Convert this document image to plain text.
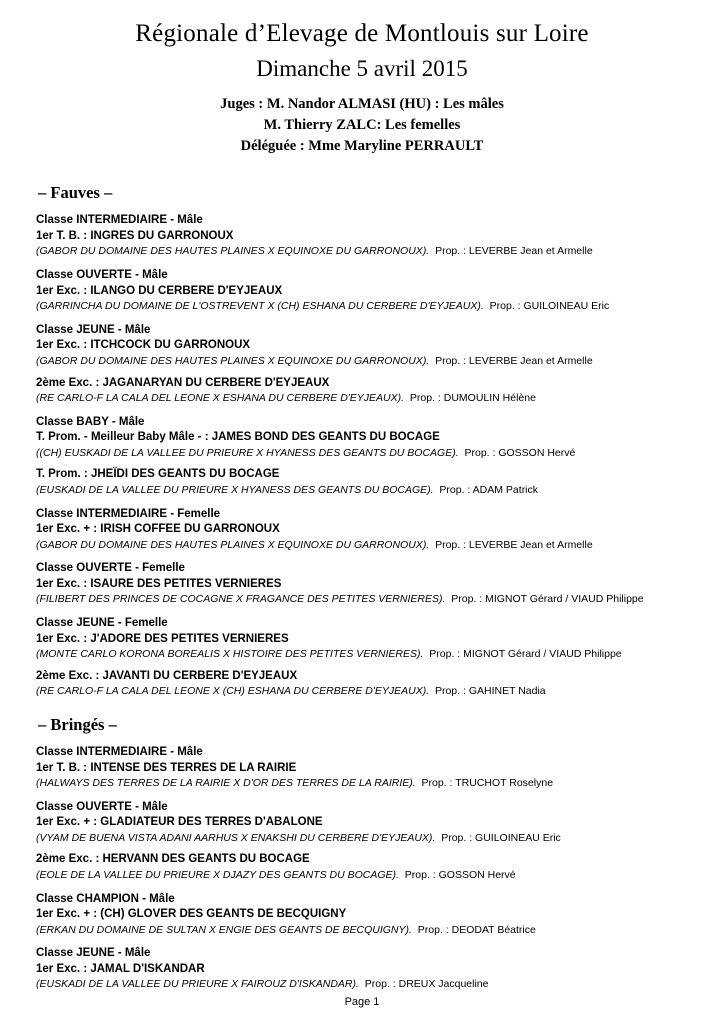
Régionale d’Elevage de Montlouis sur Loire
Dimanche 5 avril 2015
Juges : M. Nandor ALMASI (HU) : Les mâles
M. Thierry ZALC: Les femelles
Déléguée : Mme Maryline PERRAULT
– Fauves –
Classe INTERMEDIAIRE - Mâle
1er T. B. : INGRES DU GARRONOUX
(GABOR DU DOMAINE DES HAUTES PLAINES X EQUINOXE DU GARRONOUX). Prop. : LEVERBE Jean et Armelle
Classe OUVERTE - Mâle
1er Exc. : ILANGO DU CERBERE D'EYJEAUX
(GARRINCHA DU DOMAINE DE L'OSTREVENT X (CH) ESHANA DU CERBERE D'EYJEAUX). Prop. : GUILOINEAU Eric
Classe JEUNE - Mâle
1er Exc. : ITCHCOCK DU GARRONOUX
(GABOR DU DOMAINE DES HAUTES PLAINES X EQUINOXE DU GARRONOUX). Prop. : LEVERBE Jean et Armelle
2ème Exc. : JAGANARYAN DU CERBERE D'EYJEAUX
(RE CARLO-F LA CALA DEL LEONE X ESHANA DU CERBERE D'EYJEAUX). Prop. : DUMOULIN Hélène
Classe BABY - Mâle
T. Prom. - Meilleur Baby Mâle - : JAMES BOND DES GEANTS DU BOCAGE
((CH) EUSKADI DE LA VALLEE DU PRIEURE X HYANESS DES GEANTS DU BOCAGE). Prop. : GOSSON Hervé
T. Prom. : JHEÏDI DES GEANTS DU BOCAGE
(EUSKADI DE LA VALLEE DU PRIEURE X HYANESS DES GEANTS DU BOCAGE). Prop. : ADAM Patrick
Classe INTERMEDIAIRE - Femelle
1er Exc. + : IRISH COFFEE DU GARRONOUX
(GABOR DU DOMAINE DES HAUTES PLAINES X EQUINOXE DU GARRONOUX). Prop. : LEVERBE Jean et Armelle
Classe OUVERTE - Femelle
1er Exc. : ISAURE DES PETITES VERNIERES
(FILIBERT DES PRINCES DE COCAGNE X FRAGANCE DES PETITES VERNIERES). Prop. : MIGNOT Gérard / VIAUD Philippe
Classe JEUNE - Femelle
1er Exc. : J'ADORE DES PETITES VERNIERES
(MONTE CARLO KORONA BOREALIS X HISTOIRE DES PETITES VERNIERES). Prop. : MIGNOT Gérard / VIAUD Philippe
2ème Exc. : JAVANTI DU CERBERE D'EYJEAUX
(RE CARLO-F LA CALA DEL LEONE X (CH) ESHANA DU CERBERE D'EYJEAUX). Prop. : GAHINET Nadia
– Bringés –
Classe INTERMEDIAIRE - Mâle
1er T. B. : INTENSE DES TERRES DE LA RAIRIE
(HALWAYS DES TERRES DE LA RAIRIE X D'OR DES TERRES DE LA RAIRIE). Prop. : TRUCHOT Roselyne
Classe OUVERTE - Mâle
1er Exc. + : GLADIATEUR DES TERRES D'ABALONE
(VYAM DE BUENA VISTA ADANI AARHUS X ENAKSHI DU CERBERE D'EYJEAUX). Prop. : GUILOINEAU Eric
2ème Exc. : HERVANN DES GEANTS DU BOCAGE
(EOLE DE LA VALLEE DU PRIEURE X DJAZY DES GEANTS DU BOCAGE). Prop. : GOSSON Hervé
Classe CHAMPION - Mâle
1er Exc. + : (CH) GLOVER DES GEANTS DE BECQUIGNY
(ERKAN DU DOMAINE DE SULTAN X ENGIE DES GEANTS DE BECQUIGNY). Prop. : DEODAT Béatrice
Classe JEUNE - Mâle
1er Exc. : JAMAL D'ISKANDAR
(EUSKADI DE LA VALLEE DU PRIEURE X FAIROUZ D'ISKANDAR). Prop. : DREUX Jacqueline
Page 1
